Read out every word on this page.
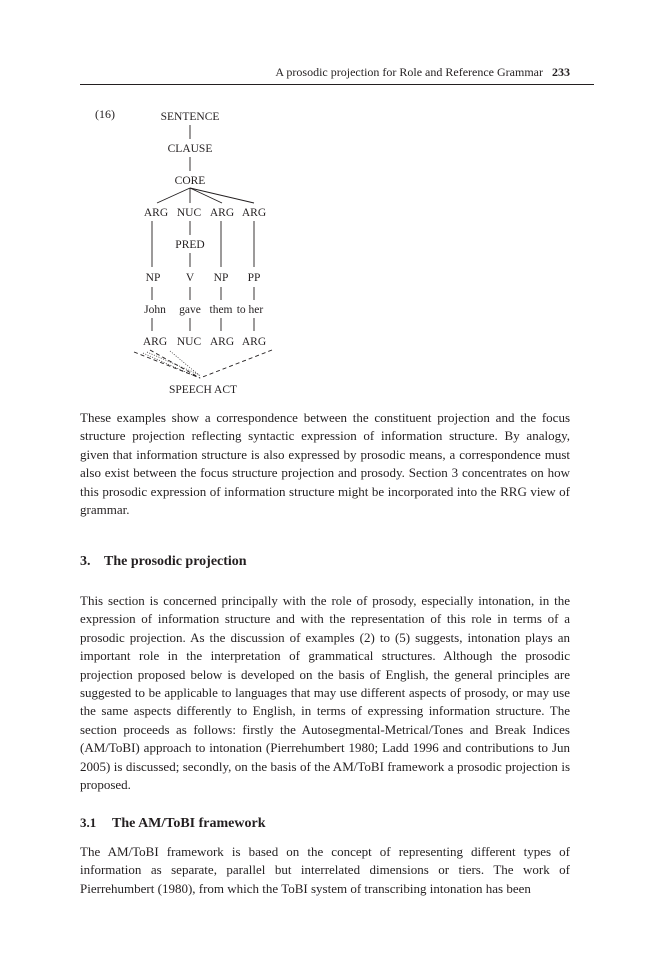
A prosodic projection for Role and Reference Grammar 233
(16)	SENTENCE
CLAUSE
CORE
ARG NUC ARG ARG
PRED
NP V NP PP
John gave them to her
ARG NUC ARG ARG
SPEECH ACT

These examples show a correspondence between the constituent projection and the focus structure projection reflecting syntactic expression of information structure. By analogy, given that information structure is also expressed by prosodic means, a correspondence must also exist between the focus structure projection and prosody. Section 3 concentrates on how this prosodic expression of information structure might be incorporated into the RRG view of grammar.

3. The prosodic projection

This section is concerned principally with the role of prosody, especially intonation, in the expression of information structure and with the representation of this role in terms of a prosodic projection. As the discussion of examples (2) to (5) suggests, intonation plays an important role in the interpretation of grammatical structures. Although the prosodic projection proposed below is developed on the basis of English, the general principles are suggested to be applicable to languages that may use different aspects of prosody, or may use the same aspects differently to English, in terms of expressing information structure. The section proceeds as follows: firstly the Autosegmental-Metrical/Tones and Break Indices (AM/ToBI) approach to intonation (Pierrehumbert 1980; Ladd 1996 and contributions to Jun 2005) is discussed; secondly, on the basis of the AM/ToBI framework a prosodic projection is proposed.

3.1 The AM/ToBI framework

The AM/ToBI framework is based on the concept of representing different types of information as separate, parallel but interrelated dimensions or tiers. The work of Pierrehumbert (1980), from which the ToBI system of transcribing intonation has been
